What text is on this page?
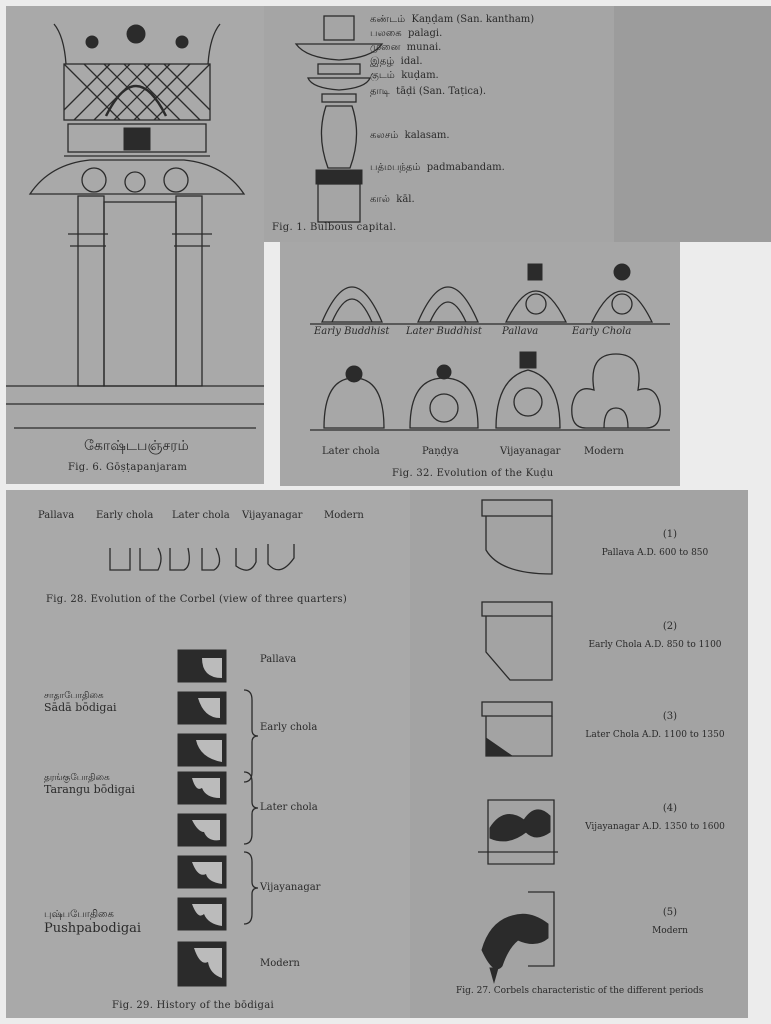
கோஷ்டபஞ்சரம்
Fig. 6. Gōṣṭapanjaram
கண்டம் Kaṇḍam (San. kantham)
பலகை palagi.
முனை munai.
இதழ் idal.
குடம் kuḍam.
தாடி tāḍi (San. Taṭica).
கலசம் kalasam.
பத்மபந்தம் padmabandam.
கால் kāl.
Fig. 1. Bulbous capital.
Early Buddhist Later Buddhist Pallava	Early Chola
Later chola	Paṇḍya	Vijayanagar Modern
Fig. 32. Evolution of the Kuḍu
Pallava Early chola Later chola Vijayanagar Modern
Fig. 28. Evolution of the Corbel (view of three quarters)
சாதாபோதிகை
Sādā bōdigai
தரங்குபோதிகை
Tarangu bōdigai
புஷ்பபோதிகை
Pushpabodigai
Pallava
Early chola
Later chola
Vijayanagar
Modern
Fig. 29. History of the bōdigai
(1)
Pallava A.D. 600 to 850
(2)
Early Chola A.D. 850 to 1100
(3)
Later Chola A.D. 1100 to 1350
(4)
Vijayanagar A.D. 1350 to 1600
(5)
Modern
Fig. 27. Corbels characteristic of the different periods
